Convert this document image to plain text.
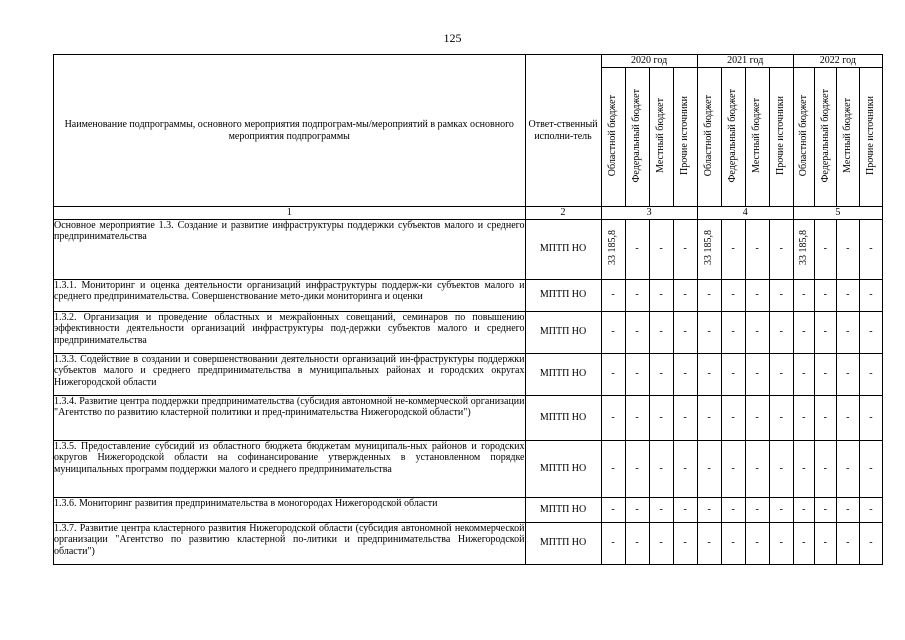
125
Наименование подпрограммы, основного мероприятия подпрограм-мы/мероприятий в рамках основного мероприятия подпрограммы	Ответ-ственный исполни-тель	2020 год				2021 год				2022 год			
		Областной бюджет	Федеральный бюджет	Местный бюджет	Прочие источники	Областной бюджет	Федеральный бюджет	Местный бюджет	Прочие источники	Областной бюджет	Федеральный бюджет	Местный бюджет	Прочие источники
1	2	3				4				5			
Основное мероприятие 1.3. Создание и развитие инфраструктуры поддержки субъектов малого и среднего предпринимательства	МПТП НО	33 185,8	-	-	-	33 185,8	-	-	-	33 185,8	-	-	-
1.3.1. Мониторинг и оценка деятельности организаций инфраструктуры поддерж-ки субъектов малого и среднего предпринимательства. Совершенствование мето-дики мониторинга и оценки	МПТП НО	-	-	-	-	-	-	-	-	-	-	-	-
1.3.2. Организация и проведение областных и межрайонных совещаний, семинаров по повышению эффективности деятельности организаций инфраструктуры под-держки субъектов малого и среднего предпринимательства	МПТП НО	-	-	-	-	-	-	-	-	-	-	-	-
1.3.3. Содействие в создании и совершенствовании деятельности организаций ин-фраструктуры поддержки субъектов малого и среднего предпринимательства в муниципальных районах и городских округах Нижегородской области	МПТП НО	-	-	-	-	-	-	-	-	-	-	-	-
1.3.4. Развитие центра поддержки предпринимательства (субсидия автономной не-коммерческой организации "Агентство по развитию кластерной политики и пред-принимательства Нижегородской области")	МПТП НО	-	-	-	-	-	-	-	-	-	-	-	-
1.3.5. Предоставление субсидий из областного бюджета бюджетам муниципаль-ных районов и городских округов Нижегородской области на софинансирование утвержденных в установленном порядке муниципальных программ поддержки малого и среднего предпринимательства	МПТП НО	-	-	-	-	-	-	-	-	-	-	-	-
1.3.6. Мониторинг развития предпринимательства в моногородах Нижегородской области	МПТП НО	-	-	-	-	-	-	-	-	-	-	-	-
1.3.7. Развитие центра кластерного развития Нижегородской области (субсидия автономной некоммерческой организации "Агентство по развитию кластерной по-литики и предпринимательства Нижегородской области")	МПТП НО	-	-	-	-	-	-	-	-	-	-	-	-
